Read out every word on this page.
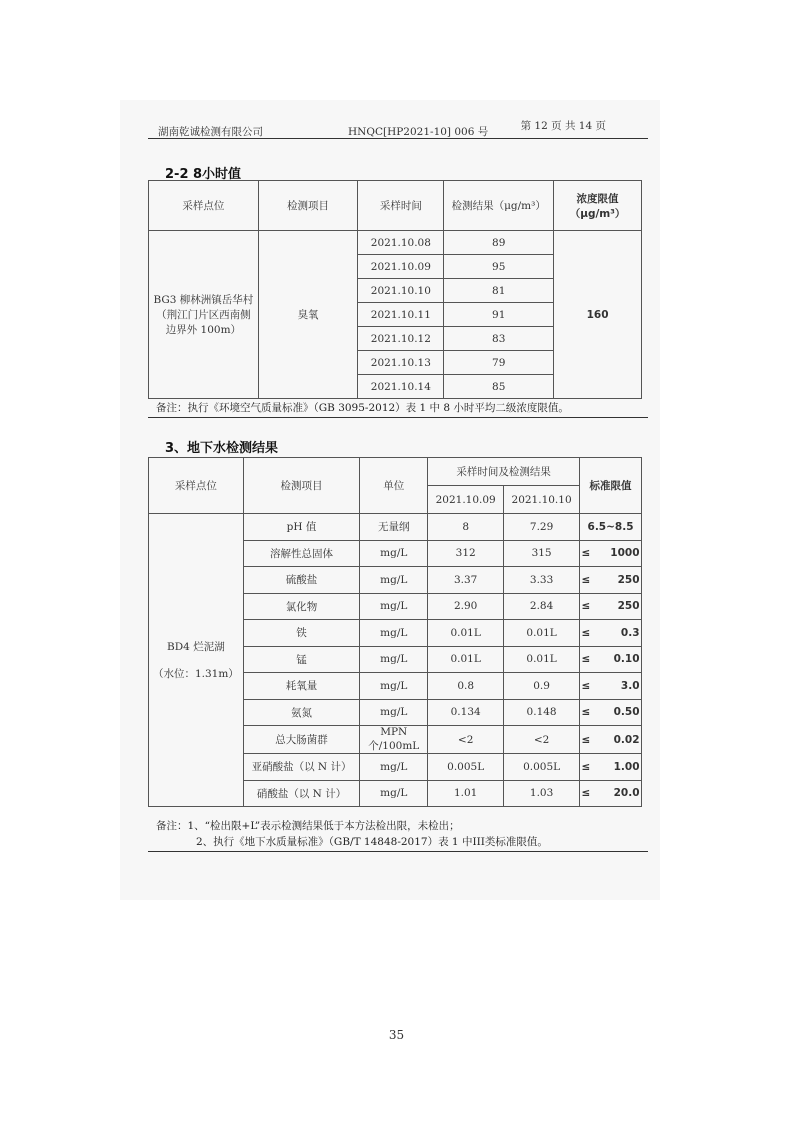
湖南乾诚检测有限公司	HNQC[HP2021-10] 006 号	第 12 页 共 14 页
2-2 8小时值
采样点位	检测项目	采样时间	检测结果（μg/m³）	浓度限值
（μg/m³）

BG3 柳林洲镇岳华村
（荆江门片区西南侧
边界外 100m）	臭氧	2021.10.08	89	160
		2021.10.09	95	
		2021.10.10	81	
		2021.10.11	91	
		2021.10.12	83	
		2021.10.13	79	
		2021.10.14	85	
备注：执行《环境空气质量标准》（GB 3095-2012）表 1 中 8 小时平均二级浓度限值。
3、地下水检测结果
采样点位	检测项目	单位	采样时间及检测结果		标准限值
			2021.10.09	2021.10.10	

BD4 烂泥湖
（水位：1.31m）	pH 值	无量纲	8	7.29	6.5~8.5
	溶解性总固体	mg/L	312	315	≤ 1000
	硫酸盐	mg/L	3.37	3.33	≤ 250
	氯化物	mg/L	2.90	2.84	≤ 250
	铁	mg/L	0.01L	0.01L	≤ 0.3
	锰	mg/L	0.01L	0.01L	≤ 0.10
	耗氧量	mg/L	0.8	0.9	≤ 3.0
	氨氮	mg/L	0.134	0.148	≤ 0.50
	总大肠菌群	MPN个/100mL	<2	<2	≤ 0.02
	亚硝酸盐（以 N 计）	mg/L	0.005L	0.005L	≤ 1.00
	硝酸盐（以 N 计）	mg/L	1.01	1.03	≤ 20.0
备注：1、“检出限+L”表示检测结果低于本方法检出限，未检出；
2、执行《地下水质量标准》（GB/T 14848-2017）表 1 中III类标准限值。
35
